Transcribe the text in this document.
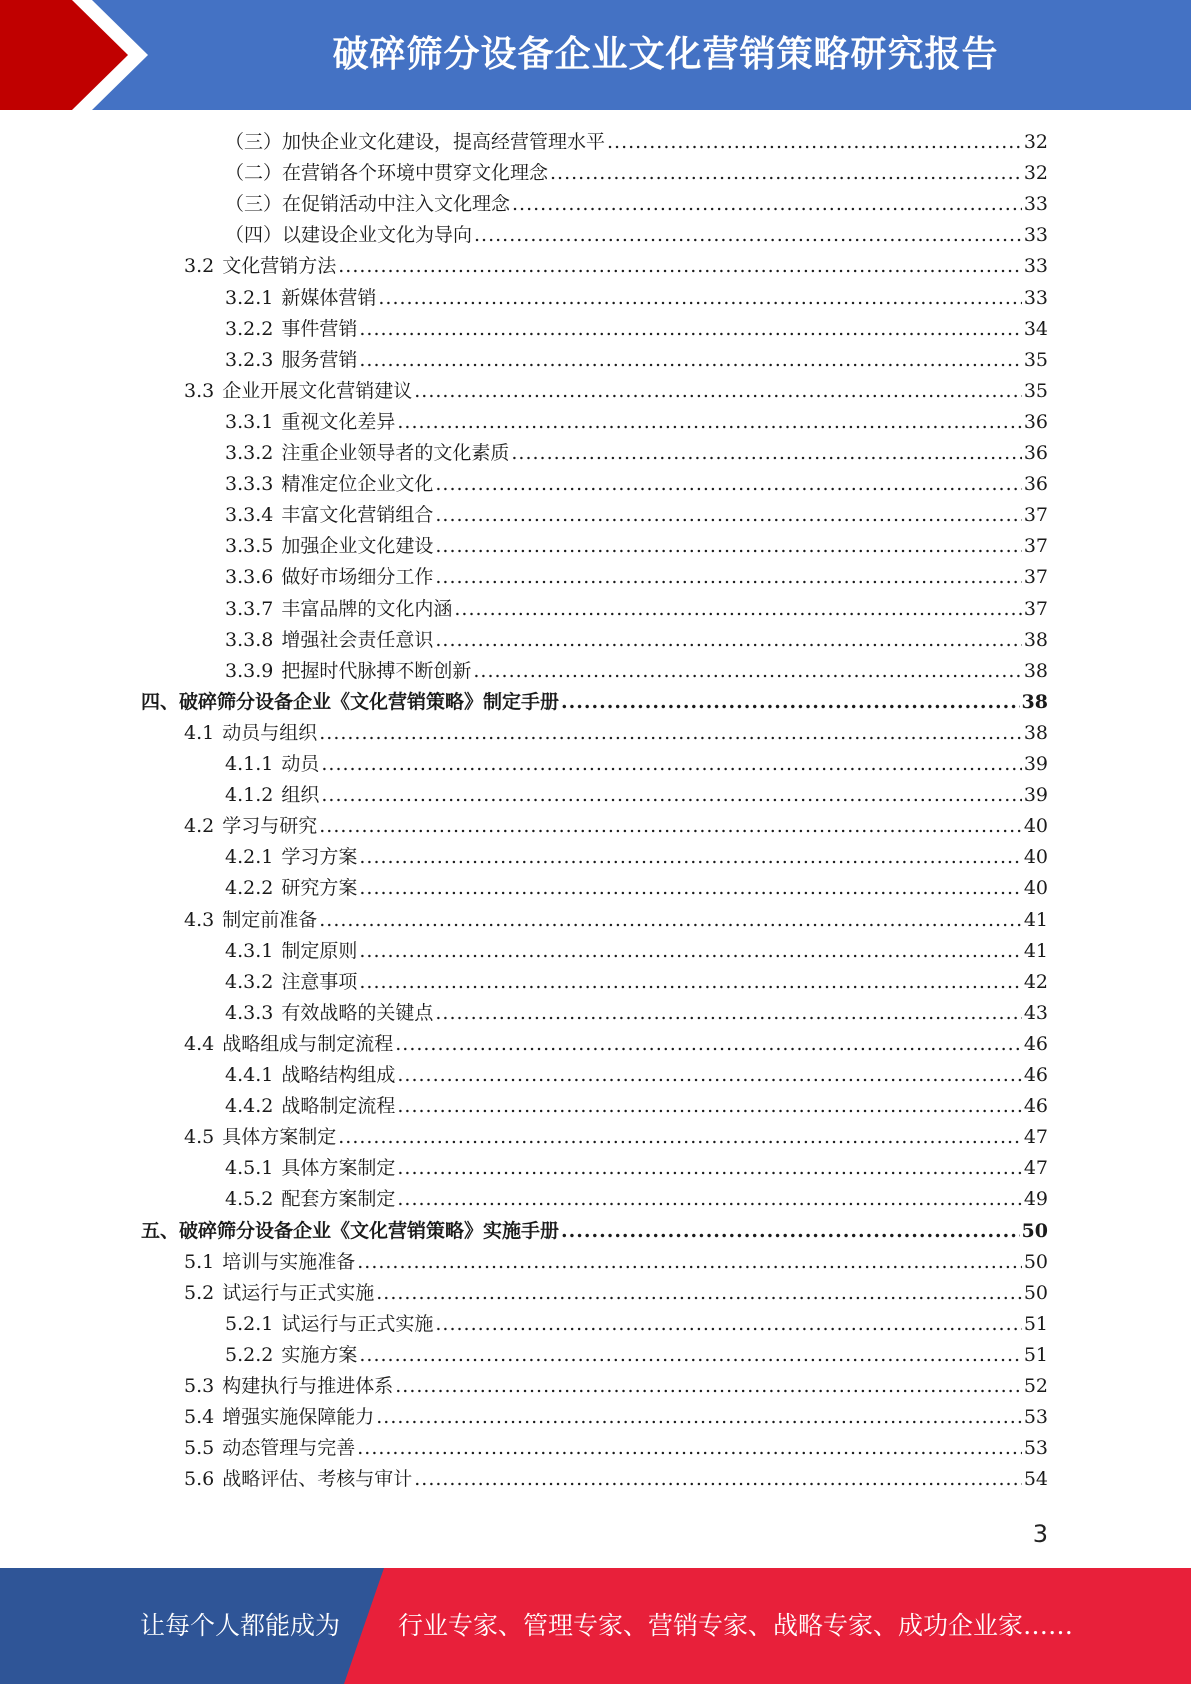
破碎筛分设备企业文化营销策略研究报告
（三）加快企业文化建设，提高经营管理水平 .....	32
（二）在营销各个环境中贯穿文化理念 .....	32
（三）在促销活动中注入文化理念 .....	33
（四）以建设企业文化为导向 .....	33
3.2 文化营销方法 .....	33
3.2.1 新媒体营销 .....	33
3.2.2 事件营销 .....	34
3.2.3 服务营销 .....	35
3.3 企业开展文化营销建议 .....	35
3.3.1 重视文化差异 .....	36
3.3.2 注重企业领导者的文化素质 .....	36
3.3.3 精准定位企业文化 .....	36
3.3.4 丰富文化营销组合 .....	37
3.3.5 加强企业文化建设 .....	37
3.3.6 做好市场细分工作 .....	37
3.3.7 丰富品牌的文化内涵 .....	37
3.3.8 增强社会责任意识 .....	38
3.3.9 把握时代脉搏不断创新 .....	38
四、破碎筛分设备企业《文化营销策略》制定手册 .....	38
4.1 动员与组织 .....	38
4.1.1 动员 .....	39
4.1.2 组织 .....	39
4.2 学习与研究 .....	40
4.2.1 学习方案 .....	40
4.2.2 研究方案 .....	40
4.3 制定前准备 .....	41
4.3.1 制定原则 .....	41
4.3.2 注意事项 .....	42
4.3.3 有效战略的关键点 .....	43
4.4 战略组成与制定流程 .....	46
4.4.1 战略结构组成 .....	46
4.4.2 战略制定流程 .....	46
4.5 具体方案制定 .....	47
4.5.1 具体方案制定 .....	47
4.5.2 配套方案制定 .....	49
五、破碎筛分设备企业《文化营销策略》实施手册 .....	50
5.1 培训与实施准备 .....	50
5.2 试运行与正式实施 .....	50
5.2.1 试运行与正式实施 .....	51
5.2.2 实施方案 .....	51
5.3 构建执行与推进体系 .....	52
5.4 增强实施保障能力 .....	53
5.5 动态管理与完善 .....	53
5.6 战略评估、考核与审计 .....	54
3
让每个人都能成为 行业专家、管理专家、营销专家、战略专家、成功企业家……
